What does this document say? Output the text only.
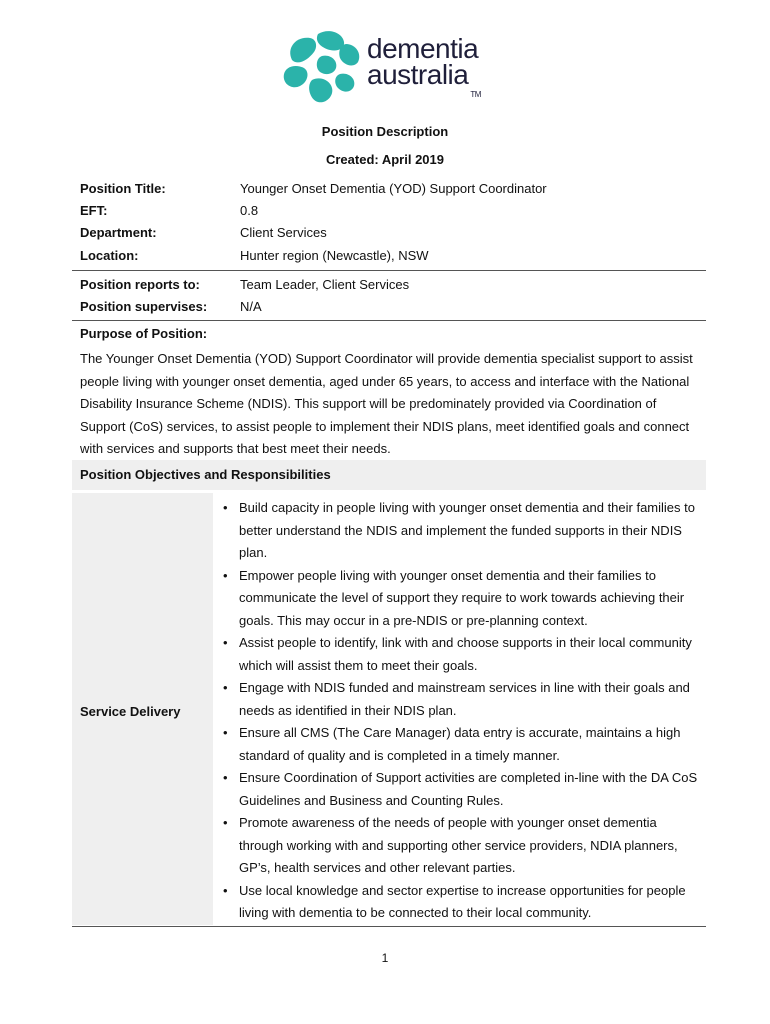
dementia
australia™
Position Description
Created: April 2019
Position Title:	Younger Onset Dementia (YOD) Support Coordinator
EFT:	0.8
Department:	Client Services
Location:	Hunter region (Newcastle), NSW
Position reports to:	Team Leader, Client Services
Position supervises:	N/A
Purpose of Position:

The Younger Onset Dementia (YOD) Support Coordinator will provide dementia specialist support to assist people living with younger onset dementia, aged under 65 years, to access and interface with the National Disability Insurance Scheme (NDIS). This support will be predominately provided via Coordination of Support (CoS) services, to assist people to implement their NDIS plans, meet identified goals and connect with services and supports that best meet their needs.

Position Objectives and Responsibilities
Service Delivery
• Build capacity in people living with younger onset dementia and their families to better understand the NDIS and implement the funded supports in their NDIS plan.
• Empower people living with younger onset dementia and their families to communicate the level of support they require to work towards achieving their goals. This may occur in a pre-NDIS or pre-planning context.
• Assist people to identify, link with and choose supports in their local community which will assist them to meet their goals.
• Engage with NDIS funded and mainstream services in line with their goals and needs as identified in their NDIS plan.
• Ensure all CMS (The Care Manager) data entry is accurate, maintains a high standard of quality and is completed in a timely manner.
• Ensure Coordination of Support activities are completed in-line with the DA CoS Guidelines and Business and Counting Rules.
• Promote awareness of the needs of people with younger onset dementia through working with and supporting other service providers, NDIA planners, GP’s, health services and other relevant parties.
• Use local knowledge and sector expertise to increase opportunities for people living with dementia to be connected to their local community.
1
